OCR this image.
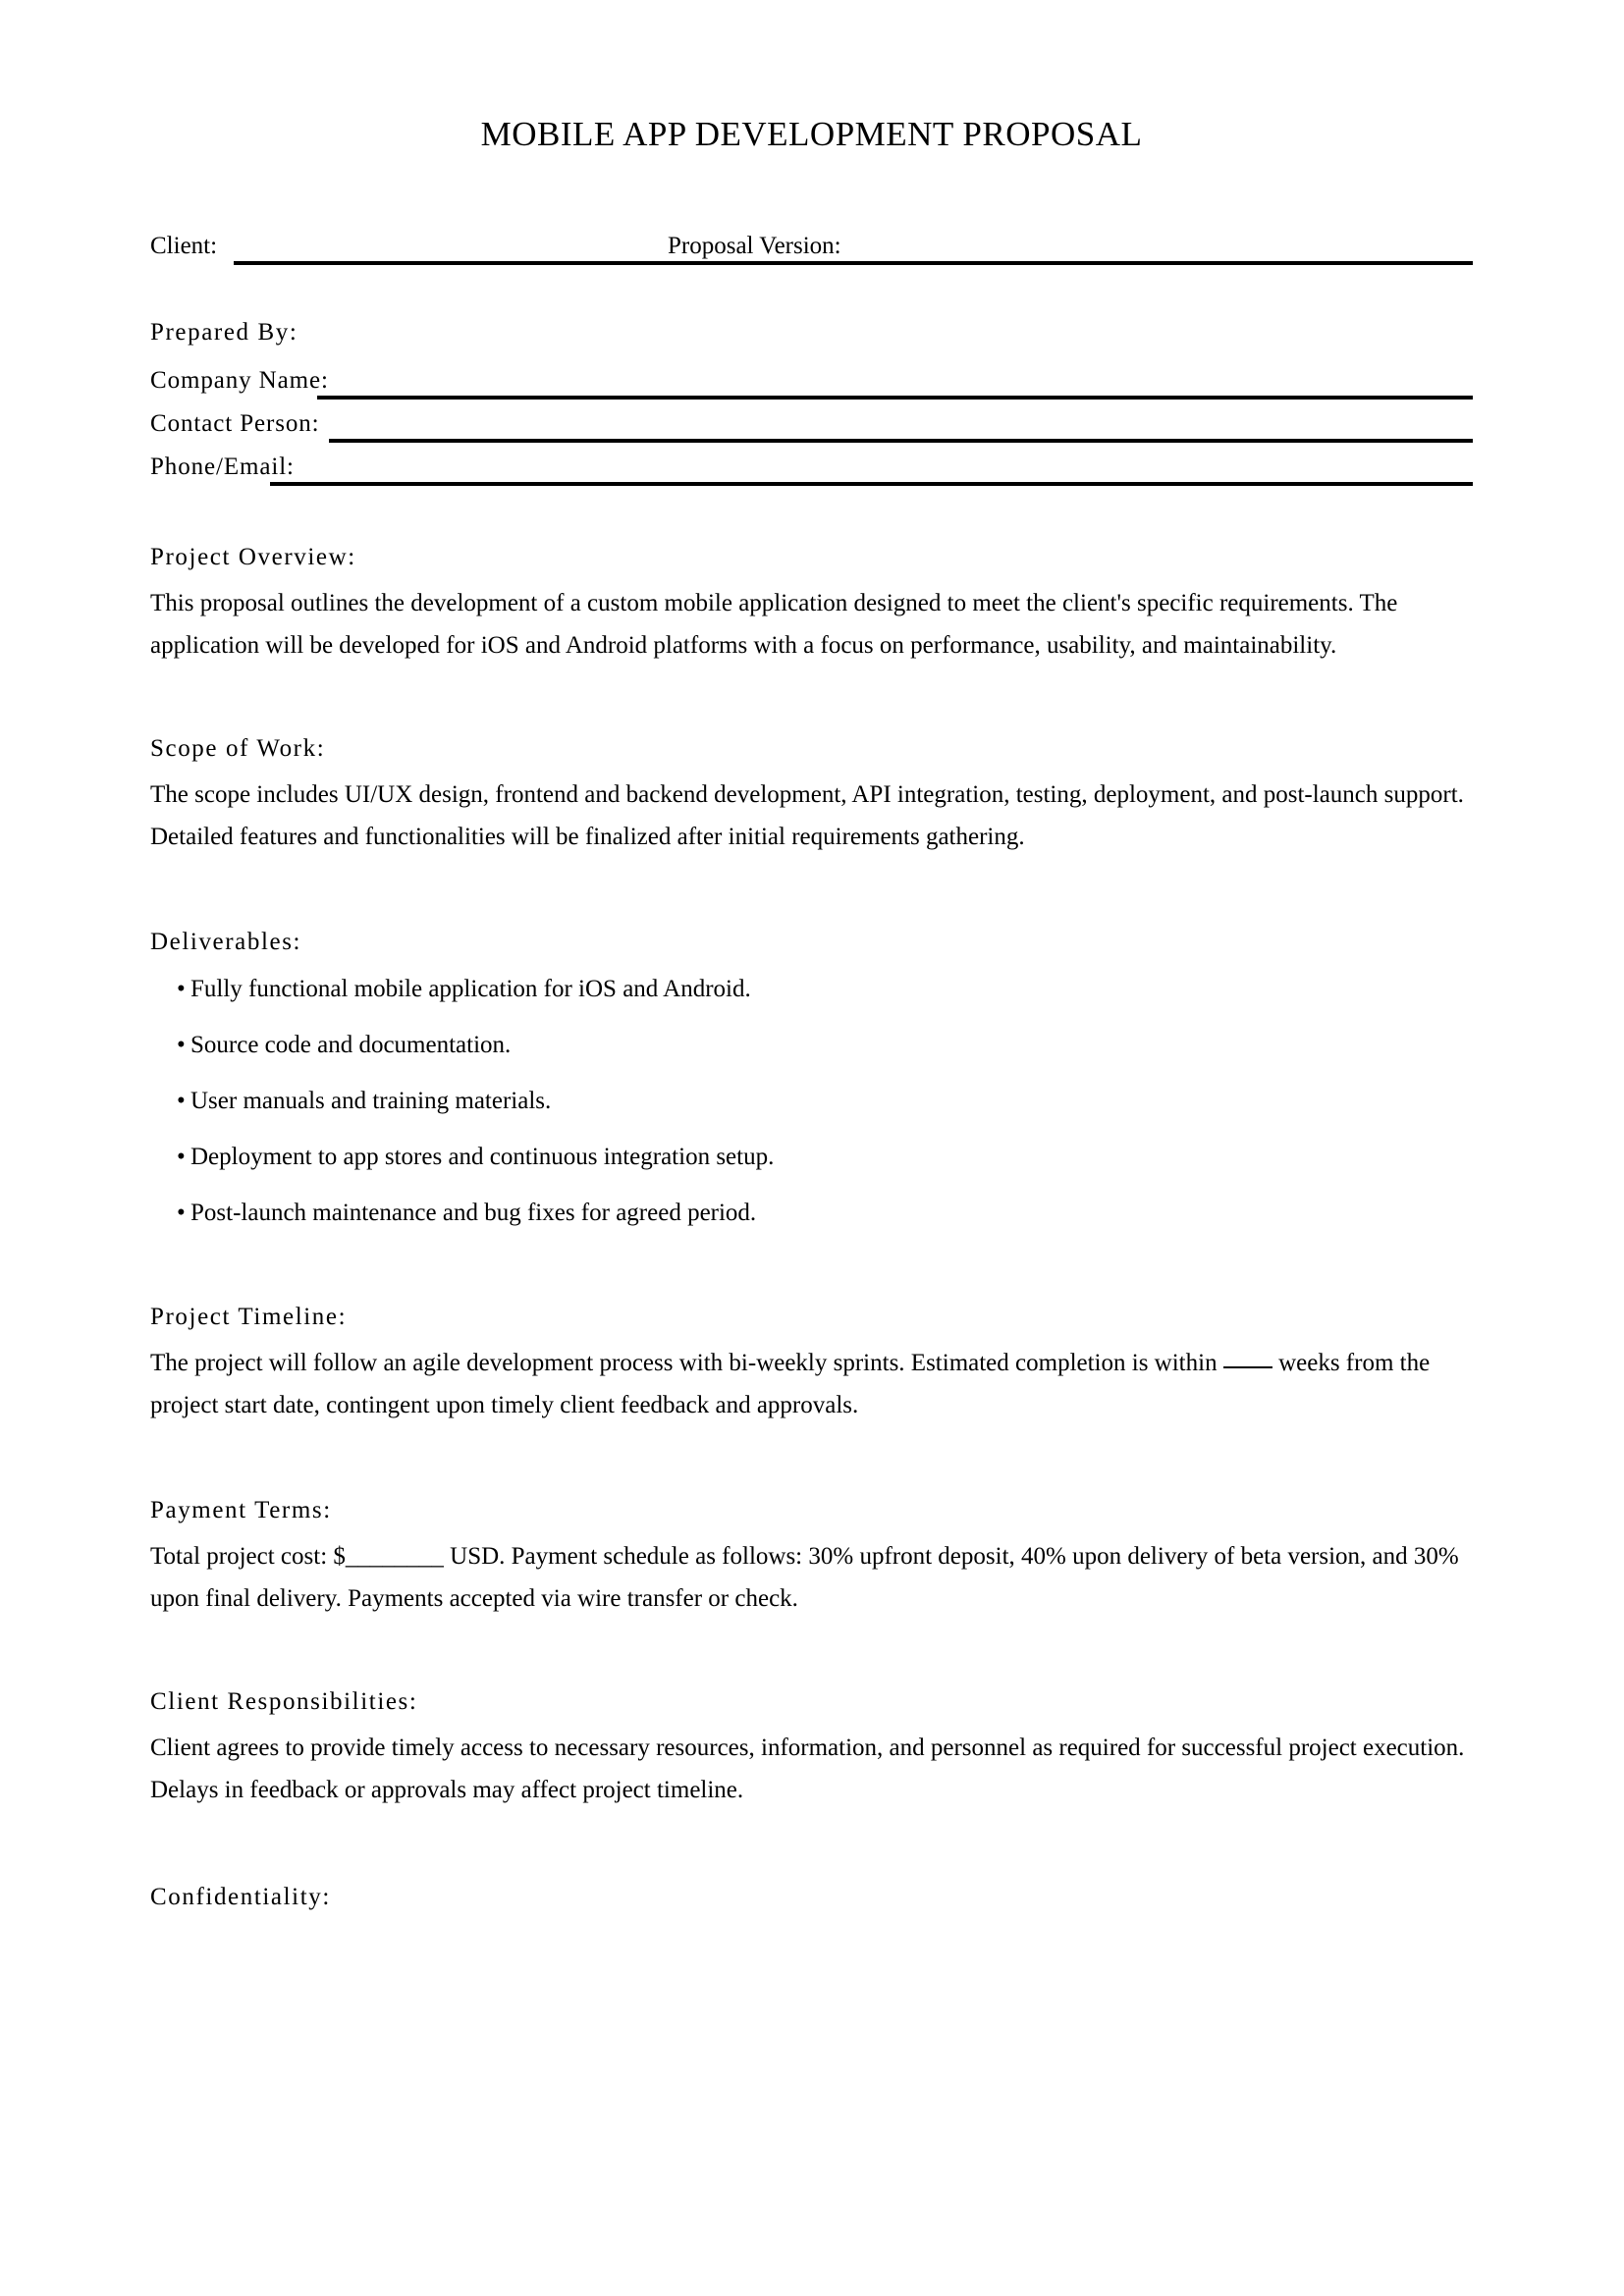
MOBILE APP DEVELOPMENT PROPOSAL
Client:	Proposal Version:
Prepared By:
Company Name:
Contact Person:
Phone/Email:
Project Overview:
This proposal outlines the development of a custom mobile application designed to meet the client's specific requirements. The application will be developed for iOS and Android platforms with a focus on performance, usability, and maintainability.
Scope of Work:
The scope includes UI/UX design, frontend and backend development, API integration, testing, deployment, and post-launch support. Detailed features and functionalities will be finalized after initial requirements gathering.
Deliverables:
• Fully functional mobile application for iOS and Android.
• Source code and documentation.
• User manuals and training materials.
• Deployment to app stores and continuous integration setup.
• Post-launch maintenance and bug fixes for agreed period.
Project Timeline:
The project will follow an agile development process with bi-weekly sprints. Estimated completion is within  weeks from the project start date, contingent upon timely client feedback and approvals.
Payment Terms:
Total project cost: $________ USD. Payment schedule as follows: 30% upfront deposit, 40% upon delivery of beta version, and 30% upon final delivery. Payments accepted via wire transfer or check.
Client Responsibilities:
Client agrees to provide timely access to necessary resources, information, and personnel as required for successful project execution. Delays in feedback or approvals may affect project timeline.
Confidentiality:
